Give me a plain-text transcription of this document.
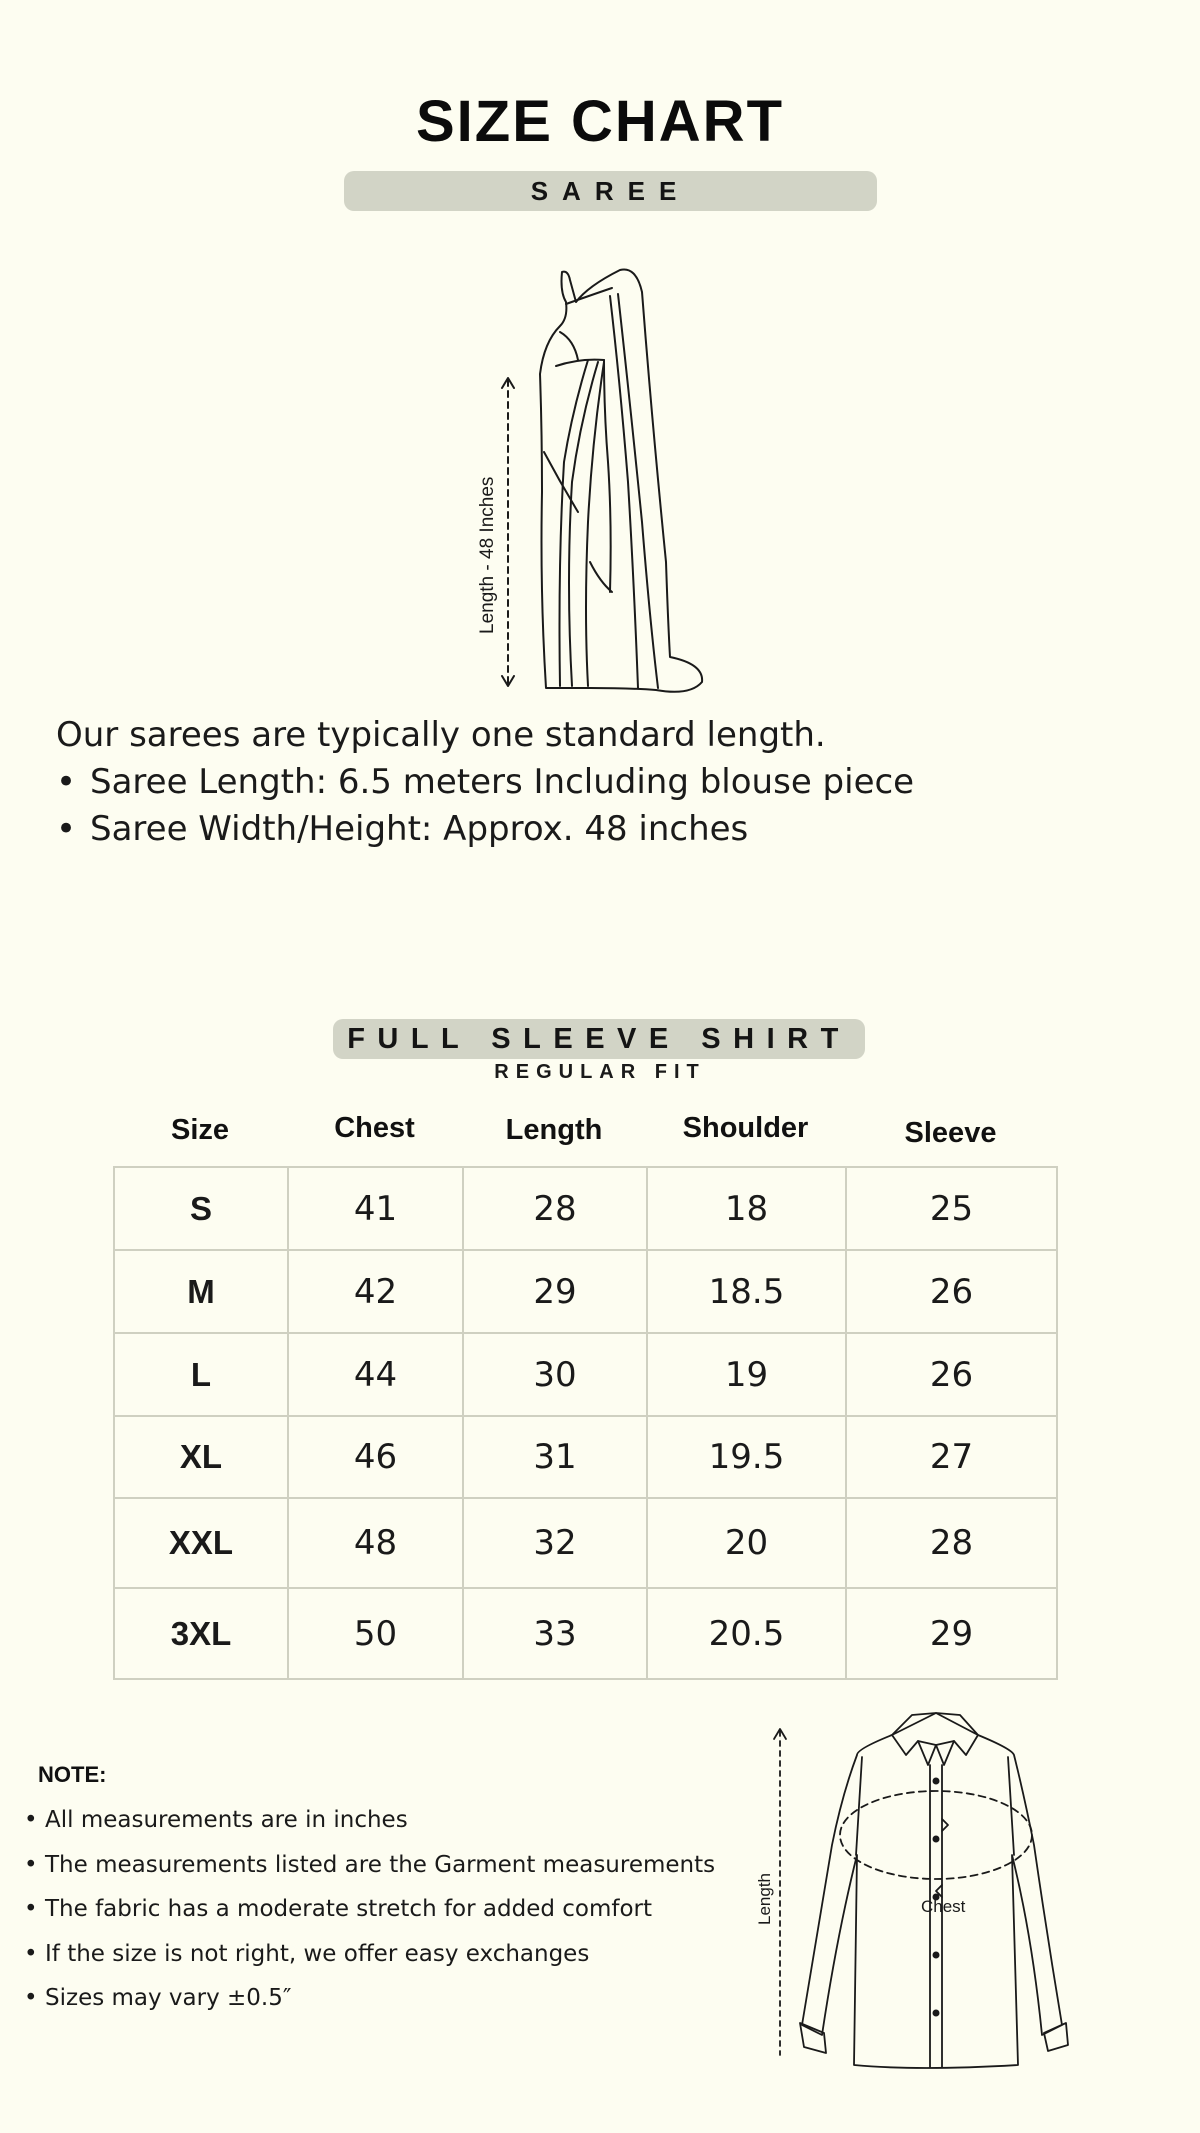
SIZE CHART
SAREE
Length - 48 Inches
Our sarees are typically one standard length.
• Saree Length: 6.5 meters Including blouse piece
• Saree Width/Height: Approx. 48 inches
FULL SLEEVE SHIRT
REGULAR FIT
Size	Chest	Length	Shoulder	Sleeve
S	41	28	18	25
M	42	29	18.5	26
L	44	30	19	26
XL	46	31	19.5	27
XXL	48	32	20	28
3XL	50	33	20.5	29
NOTE:
• All measurements are in inches
• The measurements listed are the Garment measurements
• The fabric has a moderate stretch for added comfort
• If the size is not right, we offer easy exchanges
• Sizes may vary ±0.5″
Length	Chest
